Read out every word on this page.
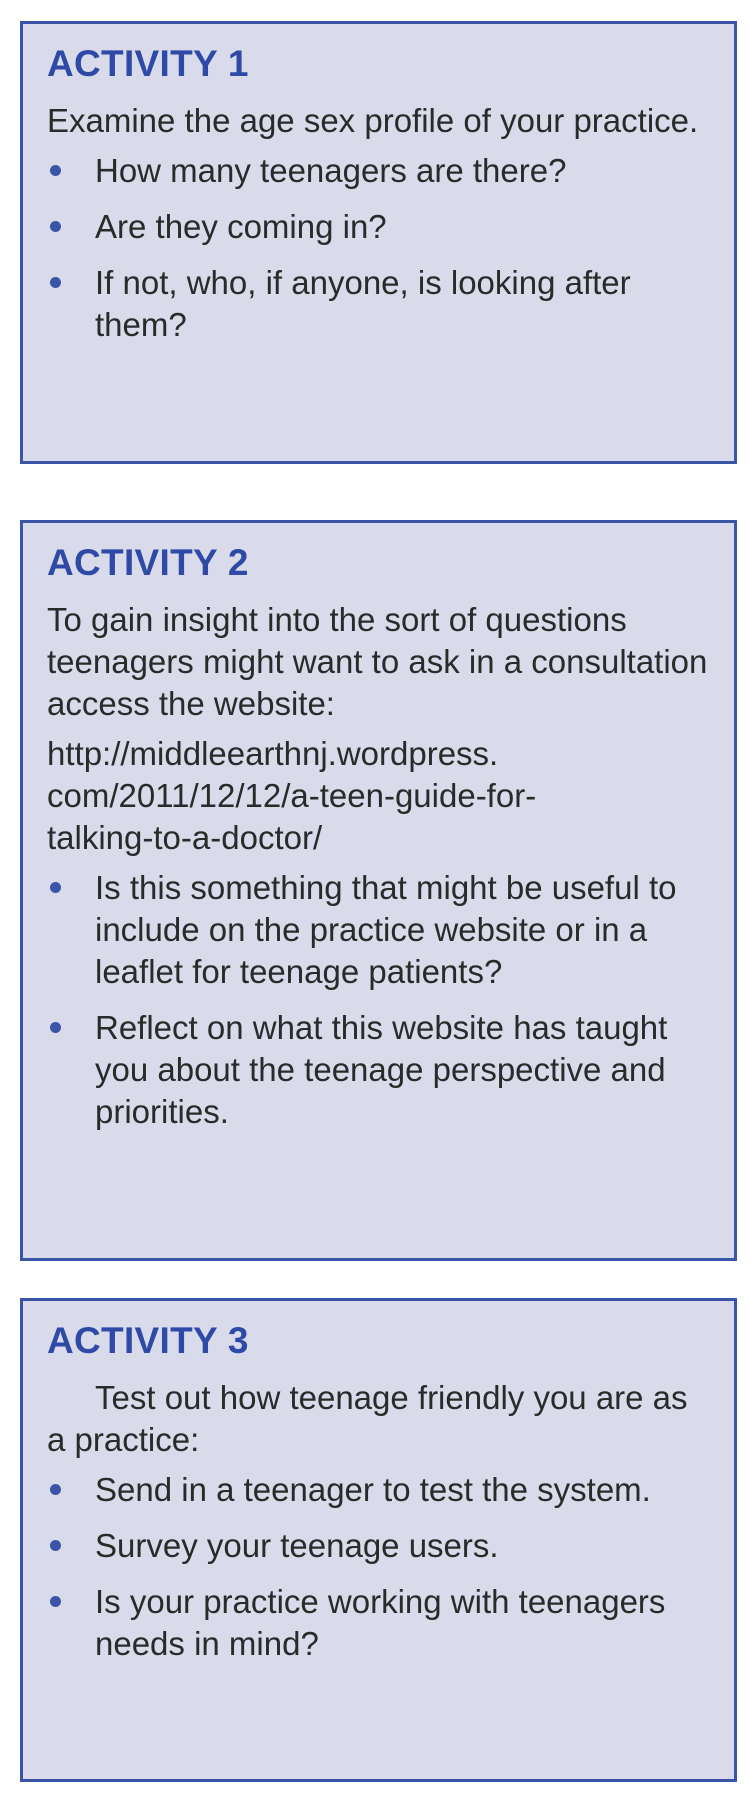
ACTIVITY 1
Examine the age sex profile of your practice.
How many teenagers are there?
Are they coming in?
If not, who, if anyone, is looking after them?
ACTIVITY 2
To gain insight into the sort of questions teenagers might want to ask in a consultation access the website:
http://middleearthnj.wordpress.
com/2011/12/12/a-teen-guide-for-
talking-to-a-doctor/
Is this something that might be useful to include on the practice website or in a leaflet for teenage patients?
Reflect on what this website has taught  you about the teenage perspective and priorities.
ACTIVITY 3
Test out how teenage friendly you are as a practice:
Send in a teenager to test the system.
Survey your teenage users.
Is your practice working with teenagers needs in mind?
